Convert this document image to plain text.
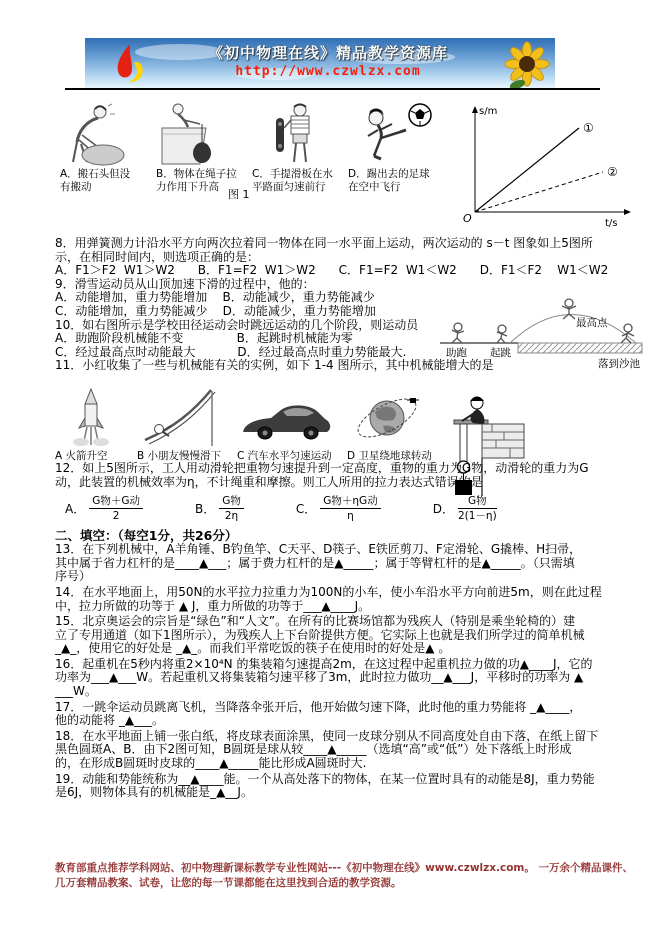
《初中物理在线》精品教学资源库
http://www.czwlzx.com
A．搬石头但没有搬动
B．物体在绳子拉力作用下升高
C．手提滑板在水平路面匀速前行
D．踢出去的足球在空中飞行
图 1
s/m
t/s
O
①
②
助跑 起跳
最高点
落到沙池
8．用弹簧测力计沿水平方向两次拉着同一物体在同一水平面上运动，两次运动的 s－t 图象如上5图所
示，在相同时间内，则选项正确的是：
A．F1＞F2  W1＞W2      B．F1=F2  W1＞W2      C．F1=F2  W1＜W2      D．F1＜F2    W1＜W2
9．滑雪运动员从山顶加速下滑的过程中，他的：
A．动能增加，重力势能增加    B．动能减少，重力势能减少
C．动能增加，重力势能减少    D．动能减少，重力势能增加
10．如右图所示是学校田径运动会时跳远运动的几个阶段，则运动员
A．助跑阶段机械能不变              B．起跳时机械能为零
C．经过最高点时动能最大           D．经过最高点时重力势能最大.
11．小红收集了一些与机械能有关的实例，如下 1-4 图所示，其中机械能增大的是
A 火箭升空	B 小朋友慢慢滑下 C 汽车水平匀速运动 D 卫星绕地球转动
12．如上5图所示，工人用动滑轮把重物匀速提升到一定高度，重物的重力为G物，动滑轮的重力为G
动，此装置的机械效率为η，不计绳重和摩擦。则工人所用的拉力表达式错误的是
A． $\frac{\text{G物＋G动}}{2}$	B． $\frac{\text{G物}}{2\eta}$	C． $\frac{\text{G物＋ηG动}}{\eta}$	D． $\frac{\text{G物}}{2(1-\eta)}$
二、填空：（每空1分，共26分）
13．在下列机械中，A羊角锤、B钓鱼竿、C天平、D筷子、E铁匠剪刀、F定滑轮、G撬棒、H扫帚，
其中属于省力杠杆的是____▲___；属于费力杠杆的是▲_____；属于等臂杠杆的是▲_____。（只需填
序号）
14．在水平地面上，用50N的水平拉力拉重力为100N的小车，使小车沿水平方向前进5m，则在此过程
中，拉力所做的功等于 ▲ J，重力所做的功等于___▲____J。
15．北京奥运会的宗旨是“绿色”和“人文”。在所有的比赛场馆都为残疾人（特别是乘坐轮椅的）建
立了专用通道（如下1图所示），为残疾人上下台阶提供方便。它实际上也就是我们所学过的简单机械
_▲_，使用它的好处是 _▲_。而我们平常吃饭的筷子在使用时的好处是▲ 。
16．起重机在5秒内将重2×10⁴N 的集装箱匀速提高2m，在这过程中起重机拉力做的功▲____J，它的
功率为___▲___W。若起重机又将集装箱匀速平移了3m，此时拉力做功__▲___J，平移时的功率为 ▲
___W。
17．一跳伞运动员跳离飞机，当降落伞张开后，他开始做匀速下降，此时他的重力势能将 _▲____，
他的动能将 _▲___。
18．在水平地面上铺一张白纸，将皮球表面涂黑，使同一皮球分别从不同高度处自由下落，在纸上留下
黑色圆斑A、B．由下2图可知，B圆斑是球从较____▲_____（选填“高”或“低”）处下落纸上时形成
的，在形成B圆斑时皮球的____▲_____能比形成A圆斑时大.
19．动能和势能统称为__▲____能。一个从高处落下的物体，在某一位置时具有的动能是8J，重力势能
是6J，则物体具有的机械能是_▲__J。
教育部重点推荐学科网站、初中物理新课标教学专业性网站---《初中物理在线》www.czwlzx.com。 一万余个精品课件、
几万套精品教案、试卷，让您的每一节课都能在这里找到合适的教学资源。
